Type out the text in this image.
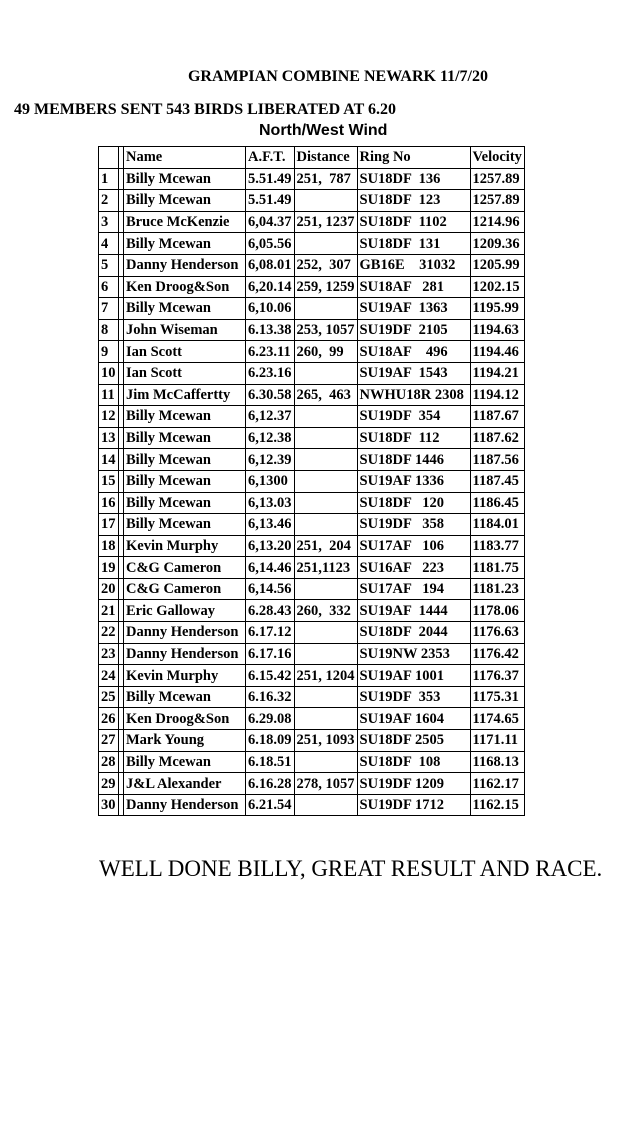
GRAMPIAN COMBINE NEWARK 11/7/20
49 MEMBERS SENT 543 BIRDS LIBERATED AT 6.20
North/West Wind
		Name	A.F.T.	Distance	Ring No	Velocity
1		Billy Mcewan	5.51.49	251,  787	SU18DF  136	1257.89
2		Billy Mcewan	5.51.49		SU18DF  123	1257.89
3		Bruce McKenzie	6,04.37	251, 1237	SU18DF  1102	1214.96
4		Billy Mcewan	6,05.56		SU18DF  131	1209.36
5		Danny Henderson	6,08.01	252,  307	GB16E    31032	1205.99
6		Ken Droog&Son	6,20.14	259, 1259	SU18AF   281	1202.15
7		Billy Mcewan	6,10.06		SU19AF  1363	1195.99
8		John Wiseman	6.13.38	253, 1057	SU19DF  2105	1194.63
9		Ian Scott	6.23.11	260,  99	SU18AF    496	1194.46
10		Ian Scott	6.23.16		SU19AF  1543	1194.21
11		Jim McCaffertty	6.30.58	265,  463	NWHU18R 2308	1194.12
12		Billy Mcewan	6,12.37		SU19DF  354	1187.67
13		Billy Mcewan	6,12.38		SU18DF  112	1187.62
14		Billy Mcewan	6,12.39		SU18DF 1446	1187.56
15		Billy Mcewan	6,1300		SU19AF 1336	1187.45
16		Billy Mcewan	6,13.03		SU18DF   120	1186.45
17		Billy Mcewan	6,13.46		SU19DF   358	1184.01
18		Kevin Murphy	6,13.20	251,  204	SU17AF   106	1183.77
19		C&G Cameron	6,14.46	251,1123	SU16AF   223	1181.75
20		C&G Cameron	6,14.56		SU17AF   194	1181.23
21		Eric Galloway	6.28.43	260,  332	SU19AF  1444	1178.06
22		Danny Henderson	6.17.12		SU18DF  2044	1176.63
23		Danny Henderson	6.17.16		SU19NW 2353	1176.42
24		Kevin Murphy	6.15.42	251, 1204	SU19AF 1001	1176.37
25		Billy Mcewan	6.16.32		SU19DF  353	1175.31
26		Ken Droog&Son	6.29.08		SU19AF 1604	1174.65
27		Mark Young	6.18.09	251, 1093	SU18DF 2505	1171.11
28		Billy Mcewan	6.18.51		SU18DF  108	1168.13
29		J&L Alexander	6.16.28	278, 1057	SU19DF 1209	1162.17
30		Danny Henderson	6.21.54		SU19DF 1712	1162.15
WELL DONE BILLY, GREAT RESULT AND RACE.
